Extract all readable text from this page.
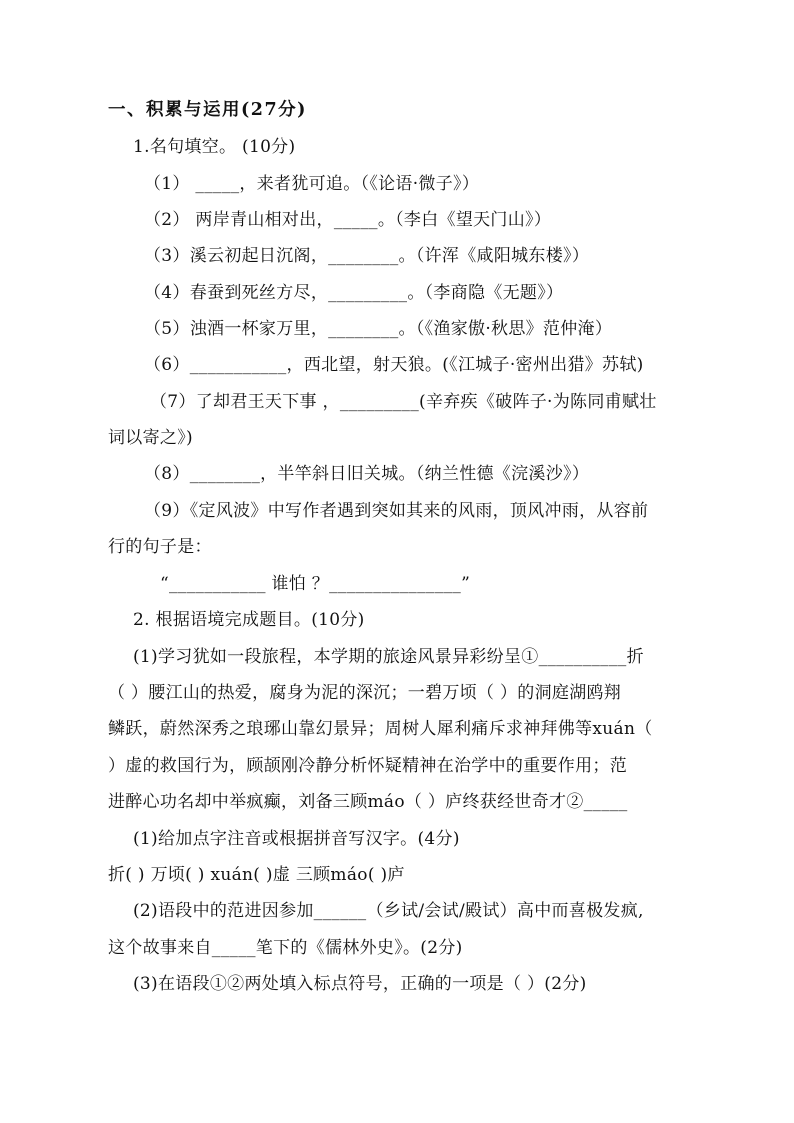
一、积累与运用(27分)
1.名句填空。 (10分)
（1） _____，来者犹可追。（《论语·微子》）
（2） 两岸青山相对出，_____。（李白《望天门山》）
（3）溪云初起日沉阁，________。（许浑《咸阳城东楼》）
（4）春蚕到死丝方尽，_________。（李商隐《无题》）
（5）浊酒一杯家万里，________。（《渔家傲·秋思》范仲淹）
（6）___________，西北望，射天狼。(《江城子·密州出猎》苏轼)
（7）了却君王天下事 ，_________(辛弃疾《破阵子·为陈同甫赋壮
词以寄之》)
（8）________，半竿斜日旧关城。（纳兰性德《浣溪沙》）
（9）《定风波》中写作者遇到突如其来的风雨，顶风冲雨，从容前
行的句子是：
“___________ 谁怕 ？_______________”
2. 根据语境完成题目。(10分)
(1)学习犹如一段旅程，本学期的旅途风景异彩纷呈①__________折
（ ）腰江山的热爱，腐身为泥的深沉；一碧万顷（ ）的洞庭湖鸥翔
鳞跃，蔚然深秀之琅琊山靠幻景异；周树人犀利痛斥求神拜佛等xuán（
）虚的救国行为，顾颉刚冷静分析怀疑精神在治学中的重要作用；范
进醉心功名却中举疯癫，刘备三顾máo（ ）庐终获经世奇才②_____
(1)给加点字注音或根据拼音写汉字。(4分)
折( ) 万顷( ) xuán( )虚 三顾máo( )庐
(2)语段中的范进因参加______（乡试/会试/殿试）高中而喜极发疯,
这个故事来自_____笔下的《儒林外史》。(2分)
(3)在语段①②两处填入标点符号，正确的一项是（ ）(2分)
